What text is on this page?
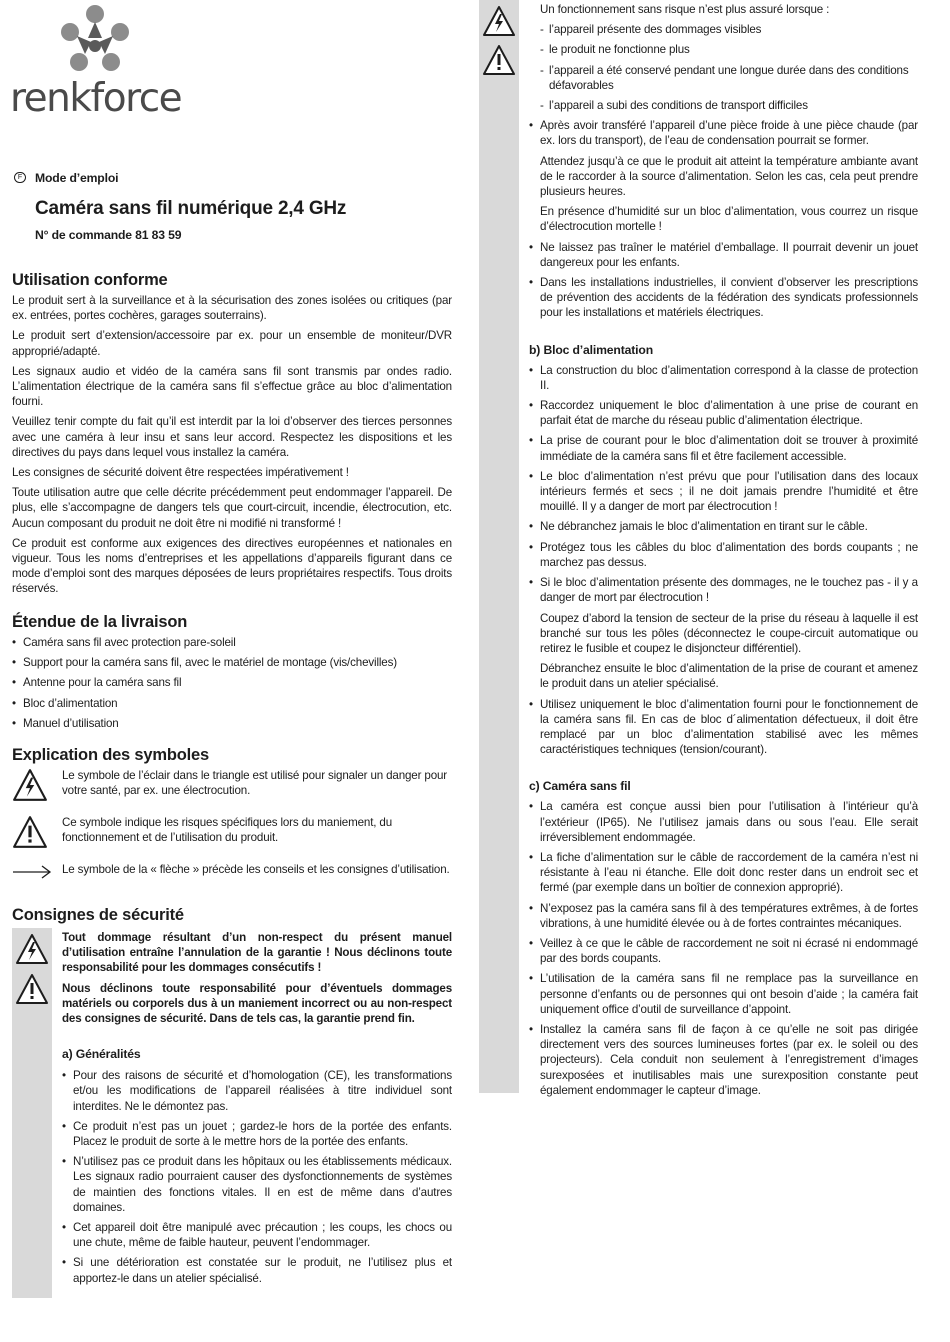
renkforce
F	Mode d’emploi
Caméra sans fil numérique 2,4 GHz
N° de commande 81 83 59
Utilisation conforme

Le produit sert à la surveillance et à la sécurisation des zones isolées ou critiques (par ex. entrées, portes cochères, garages souterrains).

Le produit sert d’extension/accessoire par ex. pour un ensemble de moniteur/DVR approprié/adapté.

Les signaux audio et vidéo de la caméra sans fil sont transmis par ondes radio. L’alimentation électrique de la caméra sans fil s’effectue grâce au bloc d’alimentation fourni.

Veuillez tenir compte du fait qu’il est interdit par la loi d’observer des tierces personnes avec une caméra à leur insu et sans leur accord. Respectez les dispositions et les directives du pays dans lequel vous installez la caméra.

Les consignes de sécurité doivent être respectées impérativement !

Toute utilisation autre que celle décrite précédemment peut endommager l’appareil. De plus, elle s’accompagne de dangers tels que court-circuit, incendie, électrocution, etc. Aucun composant du produit ne doit être ni modifié ni transformé !

Ce produit est conforme aux exigences des directives européennes et nationales en vigueur. Tous les noms d’entreprises et les appellations d’appareils figurant dans ce mode d’emploi sont des marques déposées de leurs propriétaires respectifs. Tous droits réservés.

Étendue de la livraison
• Caméra sans fil avec protection pare-soleil
• Support pour la caméra sans fil, avec le matériel de montage (vis/chevilles)
• Antenne pour la caméra sans fil
• Bloc d’alimentation
• Manuel d’utilisation
Explication des symboles

Le symbole de l’éclair dans le triangle est utilisé pour signaler un danger pour votre santé, par ex. une électrocution.

Ce symbole indique les risques spécifiques lors du maniement, du fonctionnement et de l’utilisation du produit.

Le symbole de la « flèche » précède les conseils et les consignes d’utilisation.

Consignes de sécurité

Tout dommage résultant d’un non-respect du présent manuel d’utilisation entraîne l’annulation de la garantie ! Nous déclinons toute responsabilité pour les dommages consécutifs !

Nous déclinons toute responsabilité pour d’éventuels dommages matériels ou corporels dus à un maniement incorrect ou au non-respect des consignes de sécurité. Dans de tels cas, la garantie prend fin.

a) Généralités
• Pour des raisons de sécurité et d’homologation (CE), les transformations et/ou les modifications de l’appareil réalisées à titre individuel sont interdites. Ne le démontez pas.
• Ce produit n’est pas un jouet ; gardez-le hors de la portée des enfants. Placez le produit de sorte à le mettre hors de la portée des enfants.
• N’utilisez pas ce produit dans les hôpitaux ou les établissements médicaux. Les signaux radio pourraient causer des dysfonctionnements de systèmes de maintien des fonctions vitales. Il en est de même dans d’autres domaines.
• Cet appareil doit être manipulé avec précaution ; les coups, les chocs ou une chute, même de faible hauteur, peuvent l’endommager.
• Si une détérioration est constatée sur le produit, ne l’utilisez plus et apportez-le dans un atelier spécialisé.

Un fonctionnement sans risque n’est plus assuré lorsque :

- l’appareil présente des dommages visibles
- le produit ne fonctionne plus
- l’appareil a été conservé pendant une longue durée dans des conditions défavorables
- l’appareil a subi des conditions de transport difficiles

• Après avoir transféré l’appareil d’une pièce froide à une pièce chaude (par ex. lors du transport), de l’eau de condensation pourrait se former.

Attendez jusqu’à ce que le produit ait atteint la température ambiante avant de le raccorder à la source d’alimentation. Selon les cas, cela peut prendre plusieurs heures.

En présence d’humidité sur un bloc d’alimentation, vous courrez un risque d’électrocution mortelle !

• Ne laissez pas traîner le matériel d’emballage. Il pourrait devenir un jouet dangereux pour les enfants.
• Dans les installations industrielles, il convient d’observer les prescriptions de prévention des accidents de la fédération des syndicats professionnels pour les installations et matériels électriques.
b) Bloc d’alimentation
• La construction du bloc d’alimentation correspond à la classe de protection II.
• Raccordez uniquement le bloc d’alimentation à une prise de courant en parfait état de marche du réseau public d’alimentation électrique.
• La prise de courant pour le bloc d’alimentation doit se trouver à proximité immédiate de la caméra sans fil et être facilement accessible.
• Le bloc d’alimentation n’est prévu que pour l’utilisation dans des locaux intérieurs fermés et secs ; il ne doit jamais prendre l’humidité et être mouillé. Il y a danger de mort par électrocution !
• Ne débranchez jamais le bloc d’alimentation en tirant sur le câble.
• Protégez tous les câbles du bloc d’alimentation des bords coupants ; ne marchez pas dessus.

• Si le bloc d’alimentation présente des dommages, ne le touchez pas - il y a danger de mort par électrocution !

Coupez d’abord la tension de secteur de la prise du réseau à laquelle il est branché sur tous les pôles (déconnectez le coupe-circuit automatique ou retirez le fusible et coupez le disjoncteur différentiel).

Débranchez ensuite le bloc d’alimentation de la prise de courant et amenez le produit dans un atelier spécialisé.

• Utilisez uniquement le bloc d’alimentation fourni pour le fonctionnement de la caméra sans fil. En cas de bloc d´alimentation défectueux, il doit être remplacé par un bloc d’alimentation stabilisé avec les mêmes caractéristiques techniques (tension/courant).
c) Caméra sans fil
• La caméra est conçue aussi bien pour l’utilisation à l’intérieur qu’à l’extérieur (IP65). Ne l’utilisez jamais dans ou sous l’eau. Elle serait irréversiblement endommagée.
• La fiche d’alimentation sur le câble de raccordement de la caméra n’est ni résistante à l’eau ni étanche. Elle doit donc rester dans un endroit sec et fermé (par exemple dans un boîtier de connexion approprié).
• N’exposez pas la caméra sans fil à des températures extrêmes, à de fortes vibrations, à une humidité élevée ou à de fortes contraintes mécaniques.
• Veillez à ce que le câble de raccordement ne soit ni écrasé ni endommagé par des bords coupants.
• L’utilisation de la caméra sans fil ne remplace pas la surveillance en personne d’enfants ou de personnes qui ont besoin d’aide ; la caméra fait uniquement office d’outil de surveillance d’appoint.
• Installez la caméra sans fil de façon à ce qu’elle ne soit pas dirigée directement vers des sources lumineuses fortes (par ex. le soleil ou des projecteurs). Cela conduit non seulement à l’enregistrement d’images surexposées et inutilisables mais une surexposition constante peut également endommager le capteur d’image.
